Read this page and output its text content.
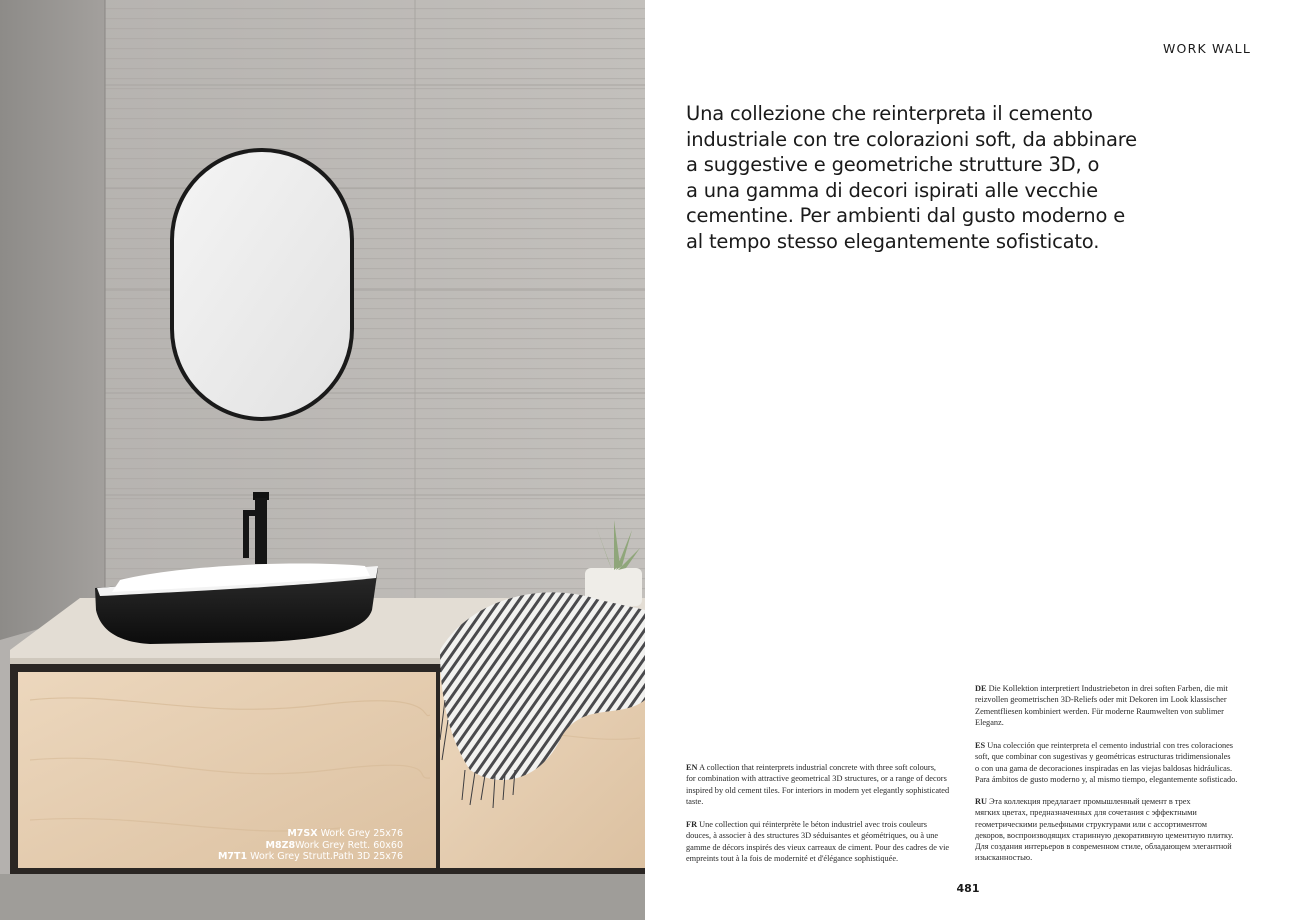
M7SX Work Grey 25x76
M8Z8Work Grey Rett. 60x60
M7T1 Work Grey Strutt.Path 3D 25x76
WORK WALL
Una collezione che reinterpreta il cemento
industriale con tre colorazioni soft, da abbinare
a suggestive e geometriche strutture 3D, o
a una gamma di decori ispirati alle vecchie
cementine. Per ambienti dal gusto moderno e
al tempo stesso elegantemente sofisticato.
EN A collection that reinterprets industrial concrete with three soft colours,
for combination with attractive geometrical 3D structures, or a range of decors
inspired by old cement tiles. For interiors in modern yet elegantly sophisticated
taste.
FR Une collection qui réinterprète le béton industriel avec trois couleurs
douces, à associer à des structures 3D séduisantes et géométriques, ou à une
gamme de décors inspirés des vieux carreaux de ciment. Pour des cadres de vie
empreints tout à la fois de modernité et d'élégance sophistiquée.
DE Die Kollektion interpretiert Industriebeton in drei soften Farben, die mit
reizvollen geometrischen 3D-Reliefs oder mit Dekoren im Look klassischer
Zementfliesen kombiniert werden. Für moderne Raumwelten von sublimer
Eleganz.
ES Una colección que reinterpreta el cemento industrial con tres coloraciones
soft, que combinar con sugestivas y geométricas estructuras tridimensionales
o con una gama de decoraciones inspiradas en las viejas baldosas hidráulicas.
Para ámbitos de gusto moderno y, al mismo tiempo, elegantemente sofisticado.
RU Эта коллекция предлагает промышленный цемент в трех
мягких цветах, предназначенных для сочетания с эффектными
геометрическими рельефными структурами или с ассортиментом
декоров, воспроизводящих старинную декоративную цементную плитку.
Для создания интерьеров в современном стиле, обладающем элегантной
изысканностью.
481
